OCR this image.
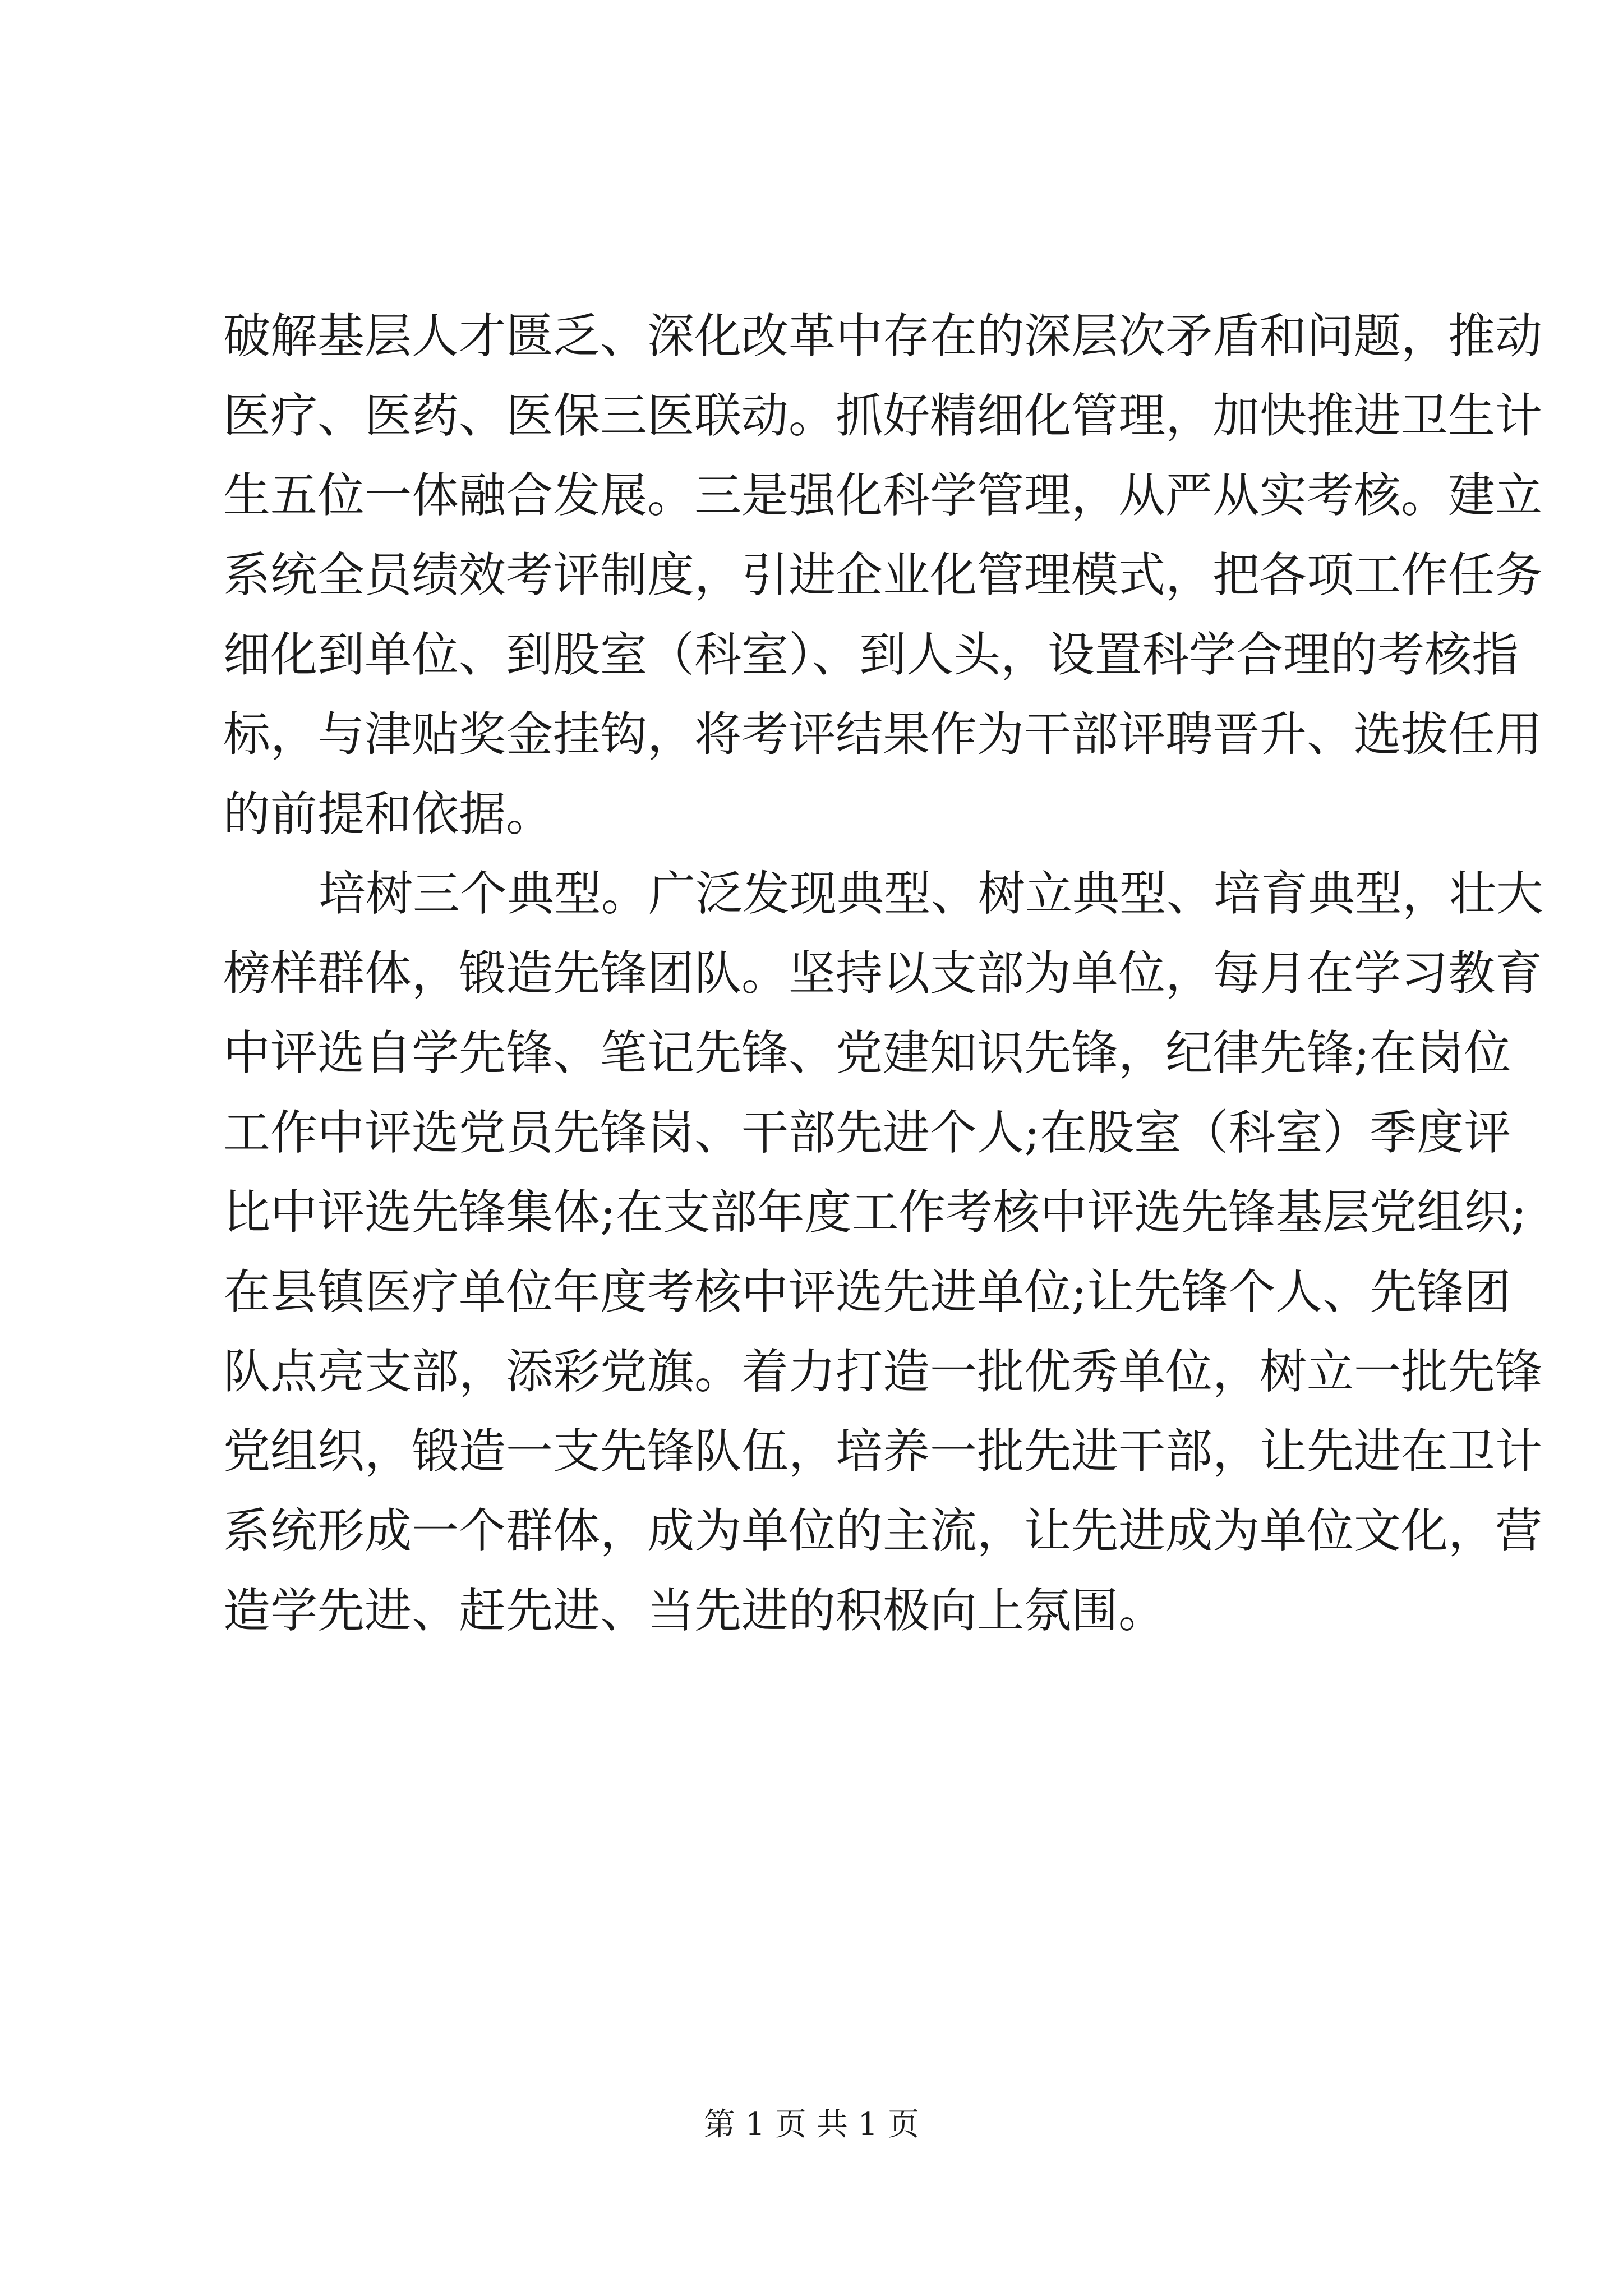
破解基层人才匮乏、深化改革中存在的深层次矛盾和问题，推动
医疗、医药、医保三医联动。抓好精细化管理，加快推进卫生计
生五位一体融合发展。三是强化科学管理，从严从实考核。建立
系统全员绩效考评制度，引进企业化管理模式，把各项工作任务
细化到单位、到股室（科室）、到人头，设置科学合理的考核指
标，与津贴奖金挂钩，将考评结果作为干部评聘晋升、选拔任用
的前提和依据。
培树三个典型。广泛发现典型、树立典型、培育典型，壮大
榜样群体，锻造先锋团队。坚持以支部为单位，每月在学习教育
中评选自学先锋、笔记先锋、党建知识先锋，纪律先锋;在岗位
工作中评选党员先锋岗、干部先进个人;在股室（科室）季度评
比中评选先锋集体;在支部年度工作考核中评选先锋基层党组织;
在县镇医疗单位年度考核中评选先进单位;让先锋个人、先锋团
队点亮支部，添彩党旗。着力打造一批优秀单位，树立一批先锋
党组织，锻造一支先锋队伍，培养一批先进干部，让先进在卫计
系统形成一个群体，成为单位的主流，让先进成为单位文化，营
造学先进、赶先进、当先进的积极向上氛围。
第 1 页 共 1 页
